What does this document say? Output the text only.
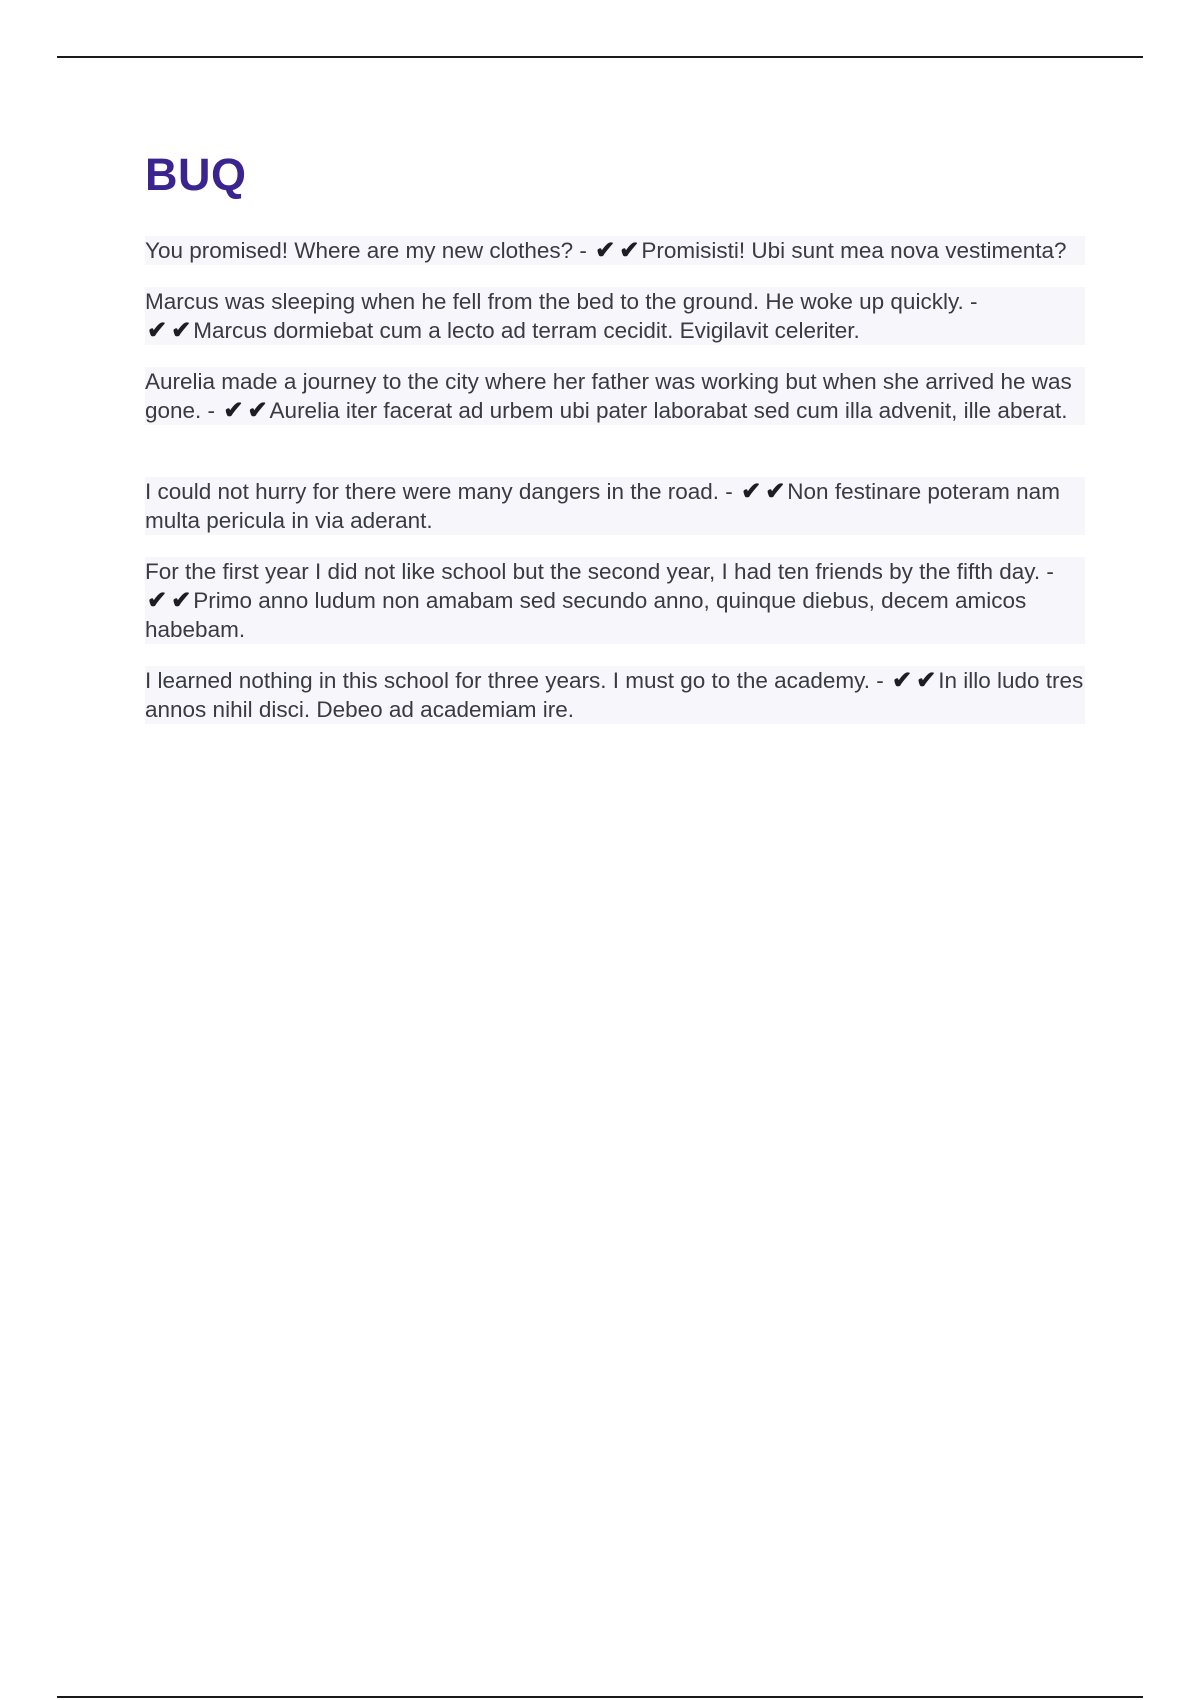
BUQ

You promised! Where are my new clothes? - ✔ ✔Promisisti! Ubi sunt mea nova vestimenta?

Marcus was sleeping when he fell from the bed to the ground. He woke up quickly. - ✔ ✔Marcus dormiebat cum a lecto ad terram cecidit. Evigilavit celeriter.

Aurelia made a journey to the city where her father was working but when she arrived he was gone. - ✔ ✔Aurelia iter facerat ad urbem ubi pater laborabat sed cum illa advenit, ille aberat.

I could not hurry for there were many dangers in the road. - ✔ ✔Non festinare poteram nam multa pericula in via aderant.

For the first year I did not like school but the second year, I had ten friends by the fifth day. - ✔ ✔Primo anno ludum non amabam sed secundo anno, quinque diebus, decem amicos habebam.

I learned nothing in this school for three years. I must go to the academy. - ✔ ✔In illo ludo tres annos nihil disci. Debeo ad academiam ire.
